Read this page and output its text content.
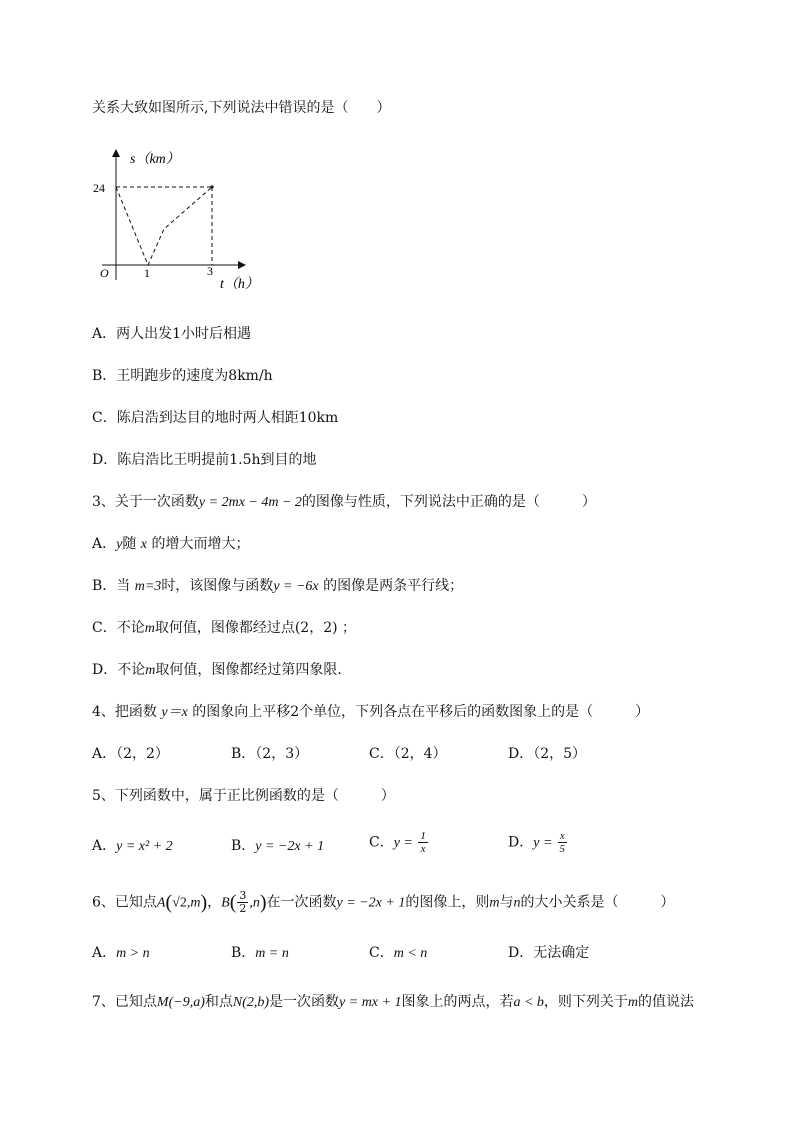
关系大致如图所示,下列说法中错误的是（　　）
s（km）
24
O	1	3
t（h）
A．两人出发1小时后相遇
B．王明跑步的速度为8km/h
C．陈启浩到达目的地时两人相距10km
D．陈启浩比王明提前1.5h到目的地
3、关于一次函数y = 2mx − 4m − 2的图像与性质，下列说法中正确的是（　　　）
A．y随 x 的增大而增大；
B．当 m=3时，该图像与函数y = −6x 的图像是两条平行线；
C．不论m取何值，图像都经过点(2，2) ；
D．不论m取何值，图像都经过第四象限．
4、把函数 y＝x 的图象向上平移2个单位，下列各点在平移后的函数图象上的是（　　　）
A．（2，2）	B．（2，3）	C．（2，4）	D．（2，5）
5、下列函数中，属于正比例函数的是（　　　）
A．y = x² + 2	B．y = −2x + 1	C．$y = \frac{1}{x}$	D．$y = \frac{x}{5}$
6、已知点A(√2,m)，$B( \frac{3}{2} ,n)$在一次函数y = −2x + 1的图像上，则m与n的大小关系是（　　　）
A．m > n	B．m = n	C．m < n	D．无法确定
7、已知点M(−9,a)和点N(2,b)是一次函数y = mx + 1图象上的两点，若a < b，则下列关于m的值说法
